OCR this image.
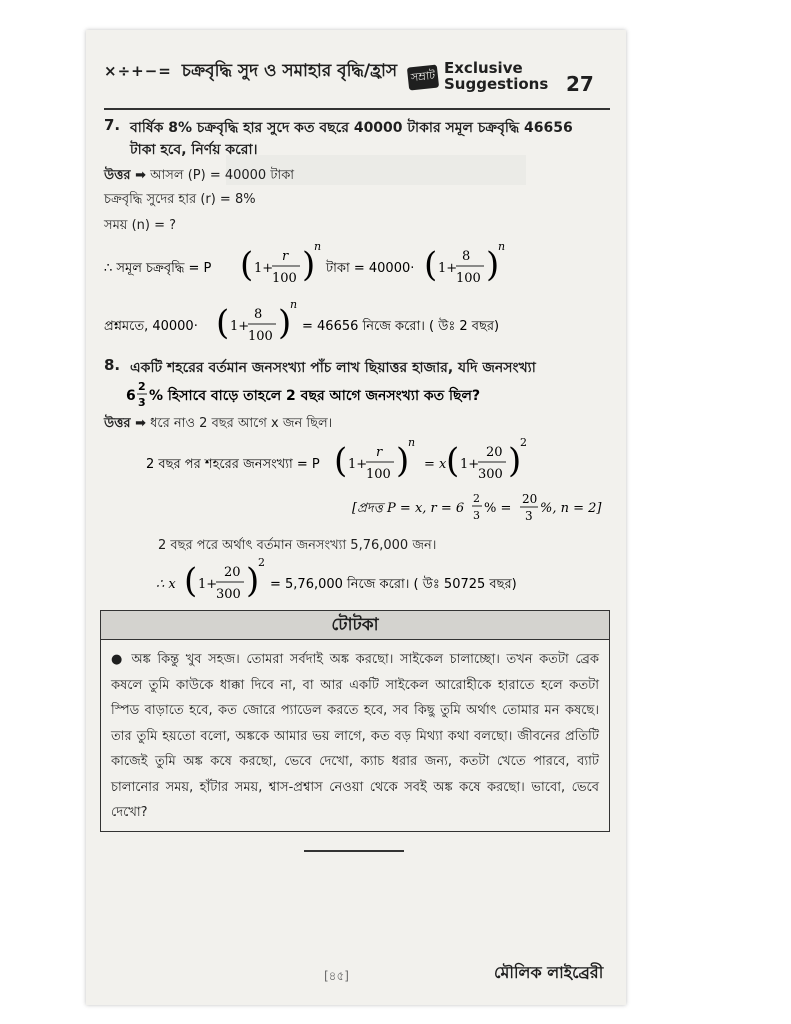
×÷+−= চক্রবৃদ্ধি সুদ ও সমাহার বৃদ্ধি/হ্রাস	সম্রাট Exclusive
Suggestions 27
7. বার্ষিক 8% চক্রবৃদ্ধি হার সুদে কত বছরে 40000 টাকার সমূল চক্রবৃদ্ধি 46656
টাকা হবে, নির্ণয় করো।
উত্তর ➡ আসল (P) = 40000 টাকা
চক্রবৃদ্ধি সুদের হার (r) = 8%
সময় (n) = ?
∴ সমূল চক্রবৃদ্ধি = P ( 1+
r
100 )
n
টাকা = 40000· ( 1+
8
100 )
n
প্রশ্নমতে, 40000· ( 1+
8
100 )
n
= 46656 নিজে করো। ( উঃ 2 বছর)
8. একটি শহরের বর্তমান জনসংখ্যা পাঁচ লাখ ছিয়াত্তর হাজার, যদি জনসংখ্যা
6
2
3 % হিসাবে বাড়ে তাহলে 2 বছর আগে জনসংখ্যা কত ছিল?
উত্তর ➡ ধরে নাও 2 বছর আগে x জন ছিল।
2 বছর পর শহরের জনসংখ্যা = P ( 1+
r
100 )
n
= x ( 1+
20
300 )
2
[প্রদত্ত P = x, r = 6
2
3 % =
20
3 %, n = 2]
2 বছর পরে অর্থাৎ বর্তমান জনসংখ্যা 5,76,000 জন।
∴ x ( 1+
20
300 )
2
= 5,76,000 নিজে করো। ( উঃ 50725 বছর)
টোটকা
● অঙ্ক কিন্তু খুব সহজ। তোমরা সর্বদাই অঙ্ক করছো। সাইকেল চালাচ্ছো। তখন কতটা ব্রেক কষলে তুমি কাউকে ধাক্কা দিবে না, বা আর একটি সাইকেল আরোহীকে হারাতে হলে কতটা স্পিড বাড়াতে হবে, কত জোরে প্যাডেল করতে হবে, সব কিছু তুমি অর্থাৎ তোমার মন কষছে। তার তুমি হয়তো বলো, অঙ্ককে আমার ভয় লাগে, কত বড় মিথ্যা কথা বলছো। জীবনের প্রতিটি কাজেই তুমি অঙ্ক কষে করছো, ভেবে দেখো, ক্যাচ ধরার জন্য, কতটা খেতে পারবে, ব্যাট চালানোর সময়, হাঁটার সময়, শ্বাস-প্রশ্বাস নেওয়া থেকে সবই অঙ্ক কষে করছো। ভাবো, ভেবে দেখো?
[৪৫]	মৌলিক লাইব্রেরী
